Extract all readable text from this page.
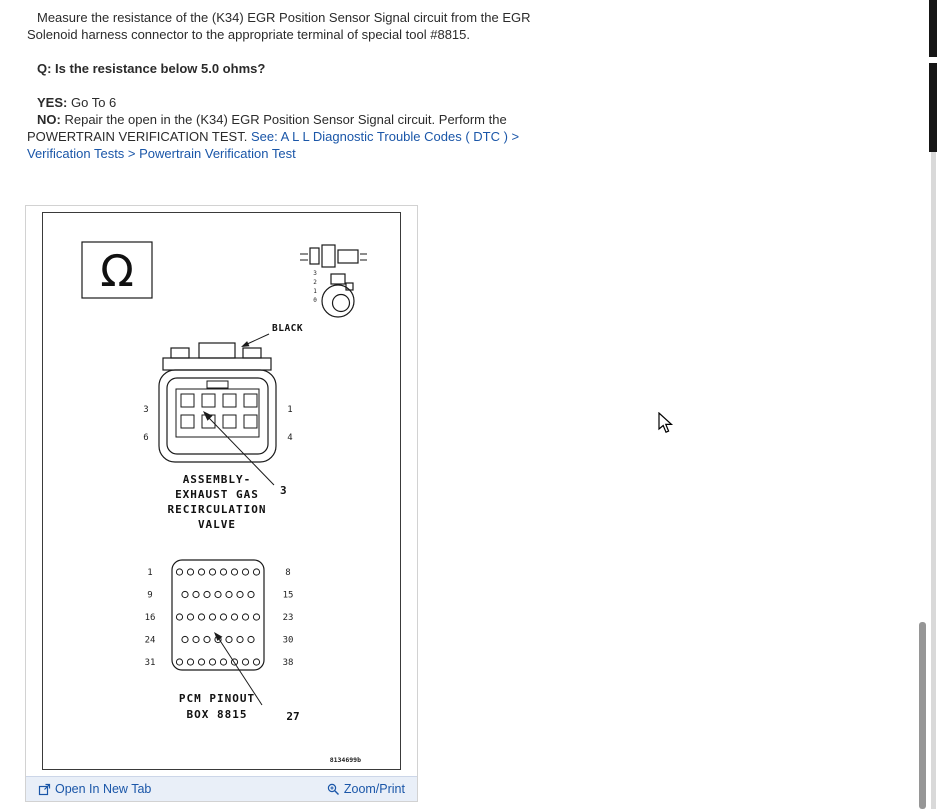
Measure the resistance of the (K34) EGR Position Sensor Signal circuit from the EGR Solenoid harness connector to the appropriate terminal of special tool #8815.

Q: Is the resistance below 5.0 ohms?

YES: Go To 6

NO: Repair the open in the (K34) EGR Position Sensor Signal circuit. Perform the POWERTRAIN VERIFICATION TEST. See: A L L Diagnostic Trouble Codes ( DTC ) > Verification Tests > Powertrain Verification Test

Ω	3
2
1
0
BLACK
3
6
1
4
3
ASSEMBLY-
EXHAUST GAS
RECIRCULATION
VALVE
1
9
16
24
31
8
15
23
30
38
27
PCM PINOUT
BOX 8815
8134699b
Open In New Tab	Zoom/Print
